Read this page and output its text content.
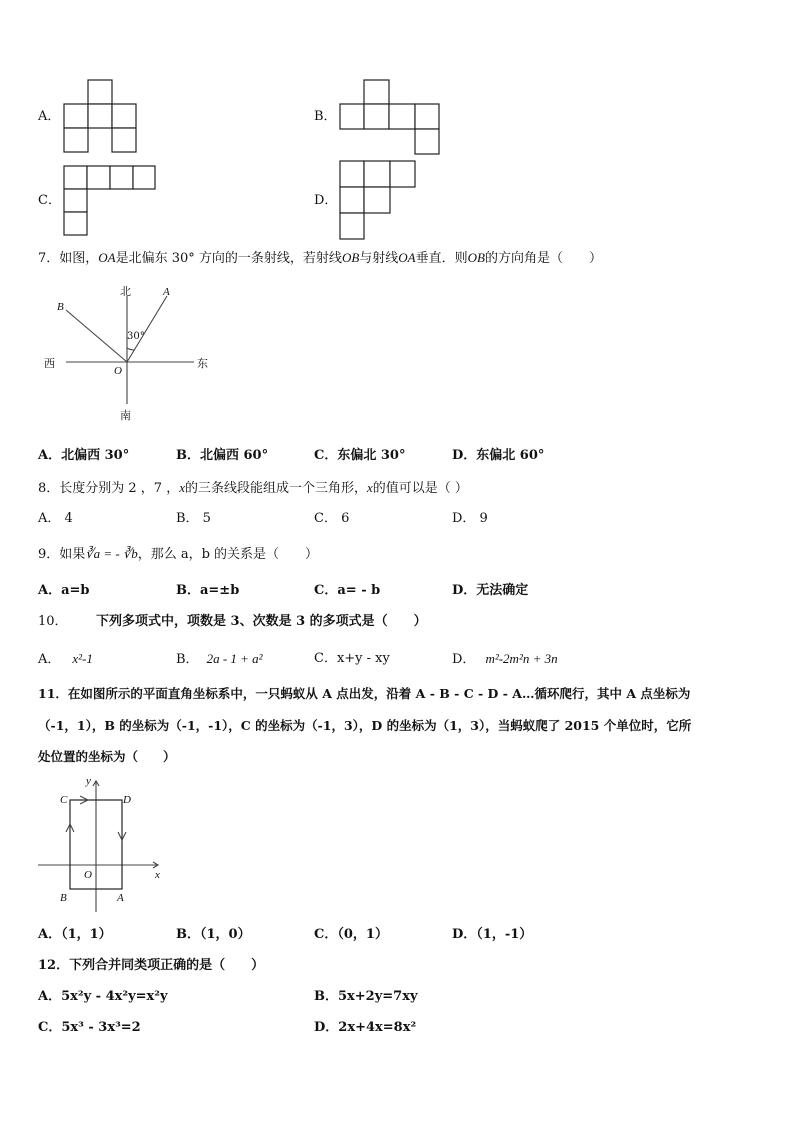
A．	B．
C．	D．
7．如图，OA是北偏东 30° 方向的一条射线，若射线OB与射线OA垂直．则OB的方向角是（　　）
北
南
东
西
O
A
B
30°
A．北偏西 30°	B．北偏西 60°	C．东偏北 30°	D．东偏北 60°
8．长度分别为 2 ，7 ，x的三条线段能组成一个三角形，x的值可以是（ ）
A． 4	B． 5	C． 6	D． 9
9．如果∛a = - ∛b，那么 a，b 的关系是（　　）
A．a=b	B．a=±b	C．a= - b	D．无法确定
10． 下列多项式中，项数是 3、次数是 3 的多项式是（　　）
A． x²-1	B． 2a - 1 + a²	C．x+y - xy	D． m²-2m²n + 3n
11．在如图所示的平面直角坐标系中，一只蚂蚁从 A 点出发，沿着 A - B - C - D - A…循环爬行，其中 A 点坐标为
（-1，1），B 的坐标为（-1，-1），C 的坐标为（-1，3），D 的坐标为（1，3），当蚂蚁爬了 2015 个单位时，它所
处位置的坐标为（　　）
y
x
O
A
B
C	D
A．（1，1）	B．（1，0）	C．（0，1）	D．（1，-1）
12．下列合并同类项正确的是（　　）
A．5x²y - 4x²y=x²y	B．5x+2y=7xy
C．5x³ - 3x³=2	D．2x+4x=8x²
